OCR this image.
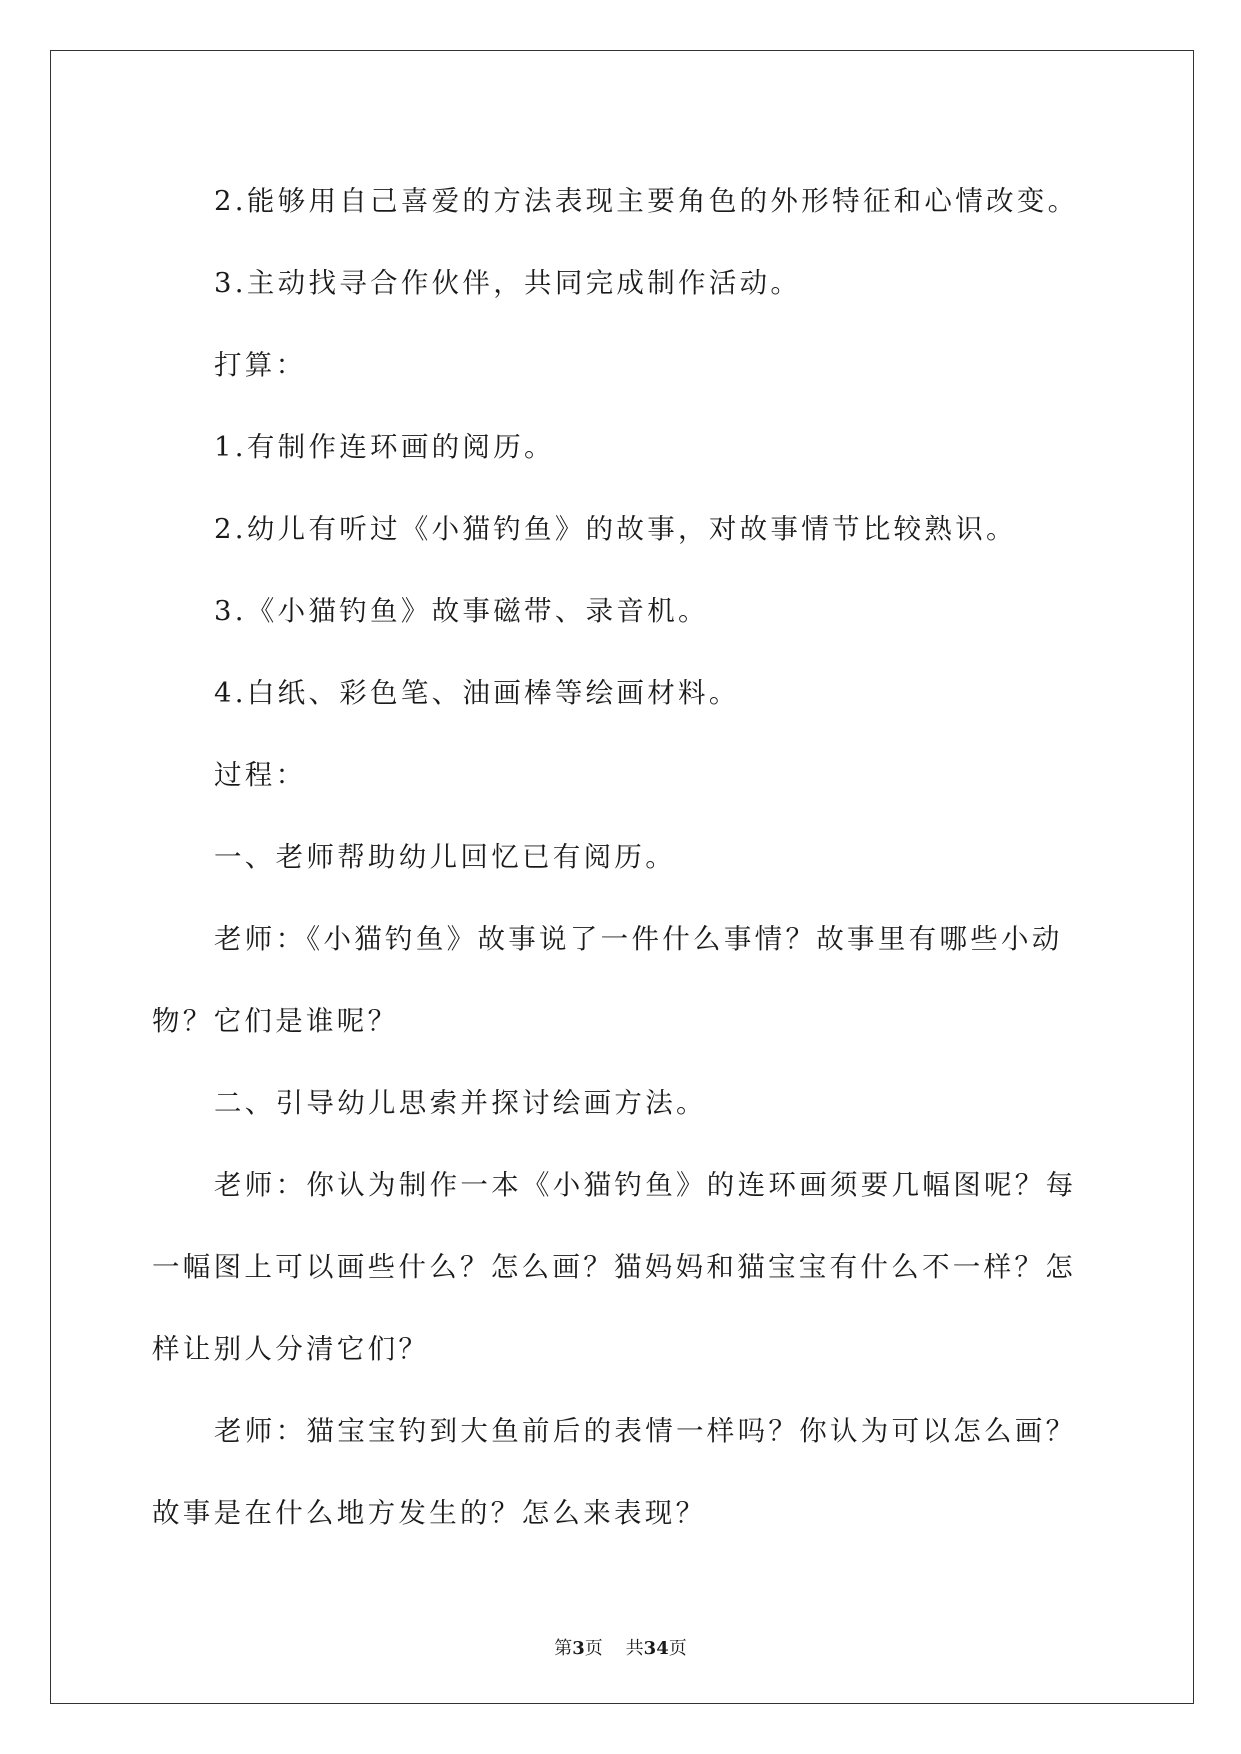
2.能够用自己喜爱的方法表现主要角色的外形特征和心情改变。

3.主动找寻合作伙伴，共同完成制作活动。

打算：

1.有制作连环画的阅历。

2.幼儿有听过《小猫钓鱼》的故事，对故事情节比较熟识。

3.《小猫钓鱼》故事磁带、录音机。

4.白纸、彩色笔、油画棒等绘画材料。

过程：

一、老师帮助幼儿回忆已有阅历。

老师：《小猫钓鱼》故事说了一件什么事情？故事里有哪些小动物？它们是谁呢？

二、引导幼儿思索并探讨绘画方法。

老师：你认为制作一本《小猫钓鱼》的连环画须要几幅图呢？每一幅图上可以画些什么？怎么画？猫妈妈和猫宝宝有什么不一样？怎样让别人分清它们？

老师：猫宝宝钓到大鱼前后的表情一样吗？你认为可以怎么画？故事是在什么地方发生的？怎么来表现？

第3页 共34页
